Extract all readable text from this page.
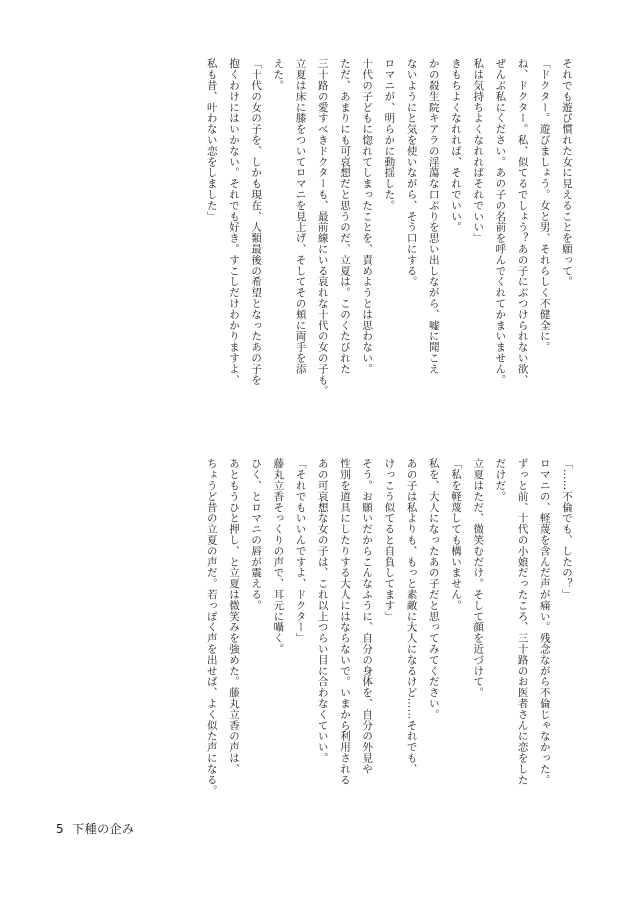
それでも遊び慣れた女に見えることを願って。

「ドクター。遊びましょう。女と男、それらしく不健全に。

ね、ドクター。私、似てるでしょう？あの子にぶつけられない欲、

ぜんぶ私にください。あの子の名前を呼んでくれてかまいません。

私は気持ちよくなれればそれでいい」

きもちよくなれれば、それでいい。

かの殺生院キアラの淫蕩な口ぶりを思い出しながら、嘘に聞こえ

ないようにと気を使いながら、そう口にする。

ロマニが、明らかに動揺した。

十代の子どもに惚れてしまったことを、責めようとは思わない。

ただ、あまりにも可哀想だと思うのだ、立夏は。このくたびれた

三十路の愛すべきドクターも、最前線にいる哀れな十代の女の子も。

立夏は床に膝をついてロマニを見上げ、そしてその頬に両手を添

えた。

「十代の女の子を、しかも現在、人類最後の希望となったあの子を

抱くわけにはいかない。それでも好き。すこしだけわかりますよ、

私も昔、叶わない恋をしました」

「……不倫でも、したの？」

ロマニの、軽蔑を含んだ声が痛い。残念ながら不倫じゃなかった。

ずっと前、十代の小娘だったころ、三十路のお医者さんに恋をした

だけだ。

立夏はただ、微笑むだけ。そして顔を近づけて。

「私を軽蔑しても構いません。

私を、大人になったあの子だと思ってみてください。

あの子は私よりも、もっと素敵に大人になるけど……それでも、

けっこう似てると自負してます」

そう。お願いだからこんなふうに、自分の身体を、自分の外見や

性別を道具にしたりする大人にはならないで。いまから利用される

あの可哀想な女の子は、これ以上つらい目に合わなくていい。

「それでもいいんですよ、ドクター」

藤丸立香そっくりの声で、耳元に囁く。

ひく、とロマニの唇が震える。

あともうひと押し、と立夏は微笑みを強めた。藤丸立香の声は、

ちょうど昔の立夏の声だ。若っぽく声を出せば、よく似た声になる。

5 下種の企み
